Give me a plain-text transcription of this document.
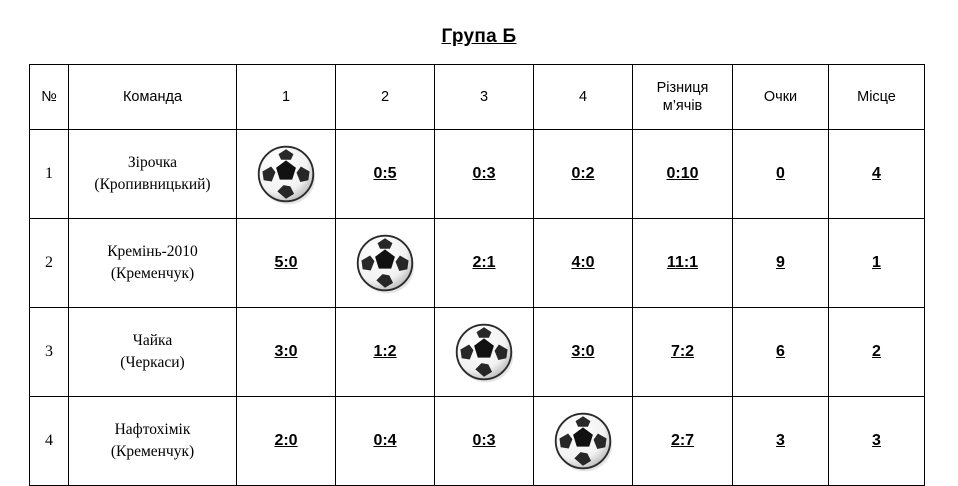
Група Б
№	Команда	1	2	3	4	Різниця
м’ячів	Очки	Місце
1	Зірочка
(Кропивницький)		0:5	0:3	0:2	0:10	0	4
2	Кремінь-2010
(Кременчук)	5:0		2:1	4:0	11:1	9	1
3	Чайка
(Черкаси)	3:0	1:2		3:0	7:2	6	2
4	Нафтохімік
(Кременчук)	2:0	0:4	0:3		2:7	3	3
